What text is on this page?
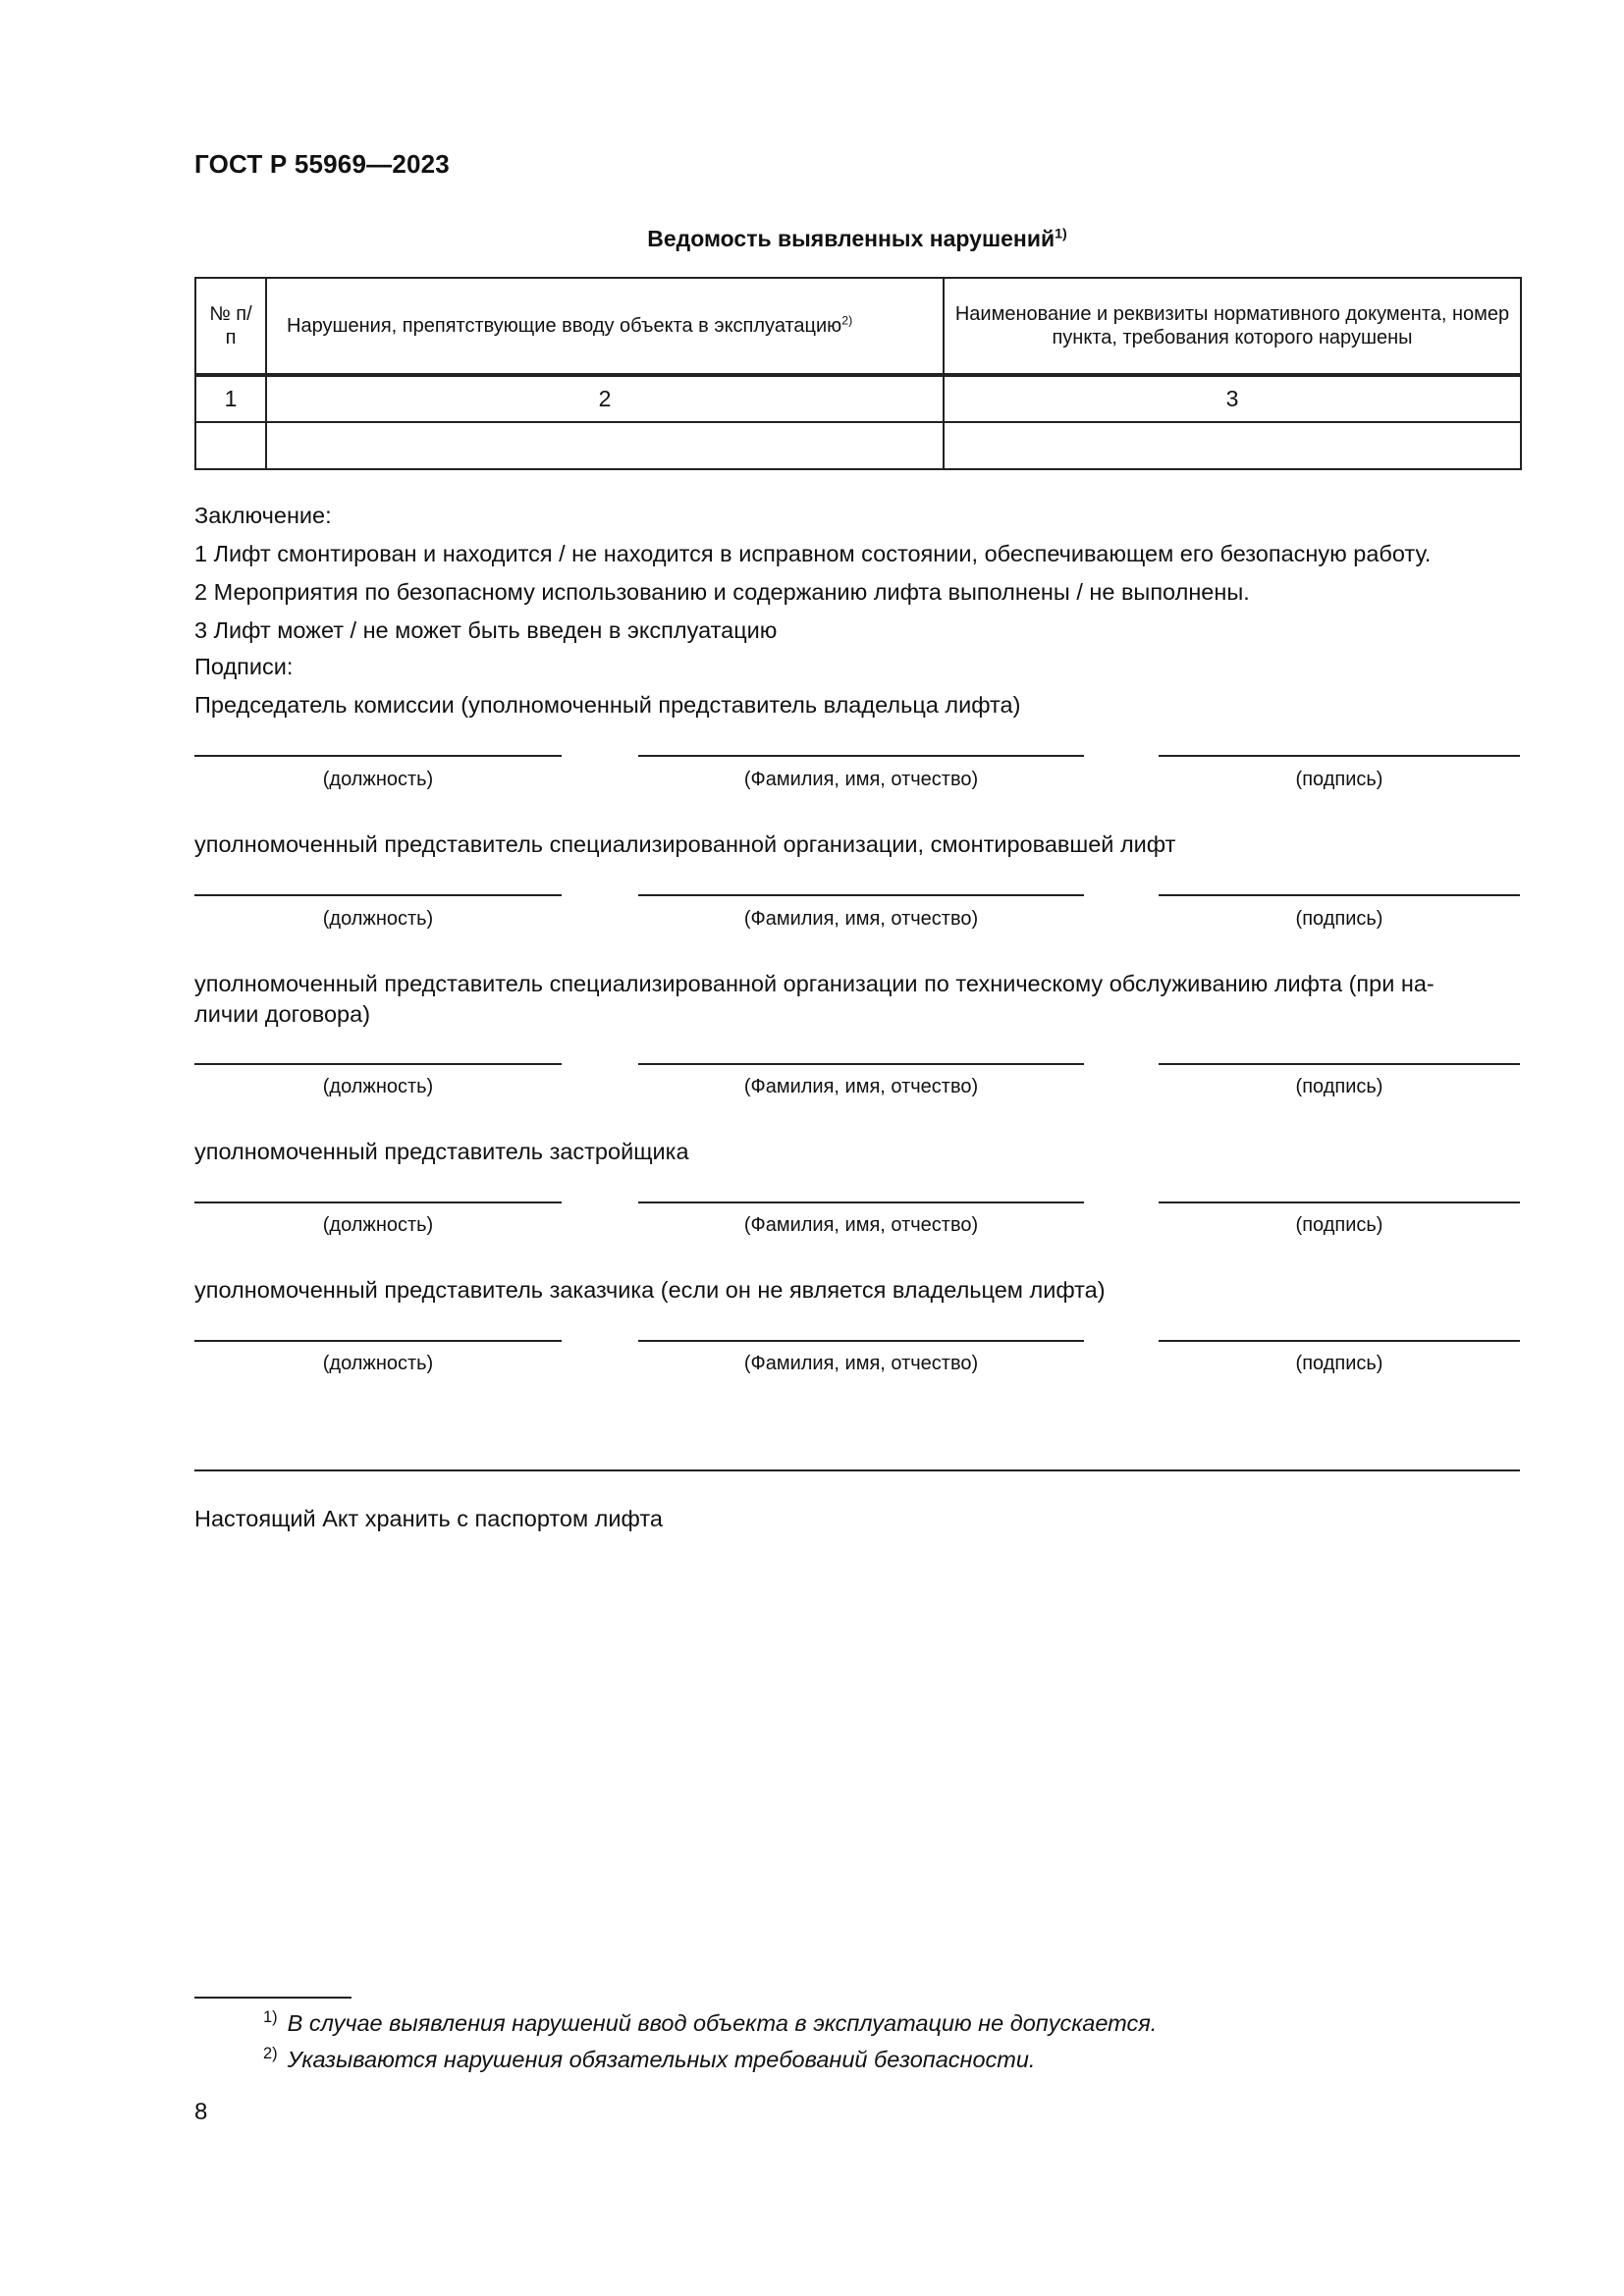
ГОСТ Р 55969—2023
Ведомость выявленных нарушений$^{1)}$
№ п/п	Нарушения, препятствующие вводу объекта в эксплуатацию$^{2)}$	Наименование и реквизиты нормативного документа, номер пункта, требования которого нарушены
1	2	3

Заключение:
1 Лифт смонтирован и находится / не находится в исправном состоянии, обеспечивающем его безопасную работу.
2 Мероприятия по безопасному использованию и содержанию лифта выполнены / не выполнены.
3 Лифт может / не может быть введен в эксплуатацию
Подписи:
Председатель комиссии (уполномоченный представитель владельца лифта)
(должность)	(Фамилия, имя, отчество)	(подпись)
уполномоченный представитель специализированной организации, смонтировавшей лифт
(должность)	(Фамилия, имя, отчество)	(подпись)
уполномоченный представитель специализированной организации по техническому обслуживанию лифта (при на-
личии договора)
(должность)	(Фамилия, имя, отчество)	(подпись)
уполномоченный представитель застройщика
(должность)	(Фамилия, имя, отчество)	(подпись)
уполномоченный представитель заказчика (если он не является владельцем лифта)
(должность)	(Фамилия, имя, отчество)	(подпись)
Настоящий Акт хранить с паспортом лифта
$^{1)}$ В случае выявления нарушений ввод объекта в эксплуатацию не допускается.
$^{2)}$ Указываются нарушения обязательных требований безопасности.
8
